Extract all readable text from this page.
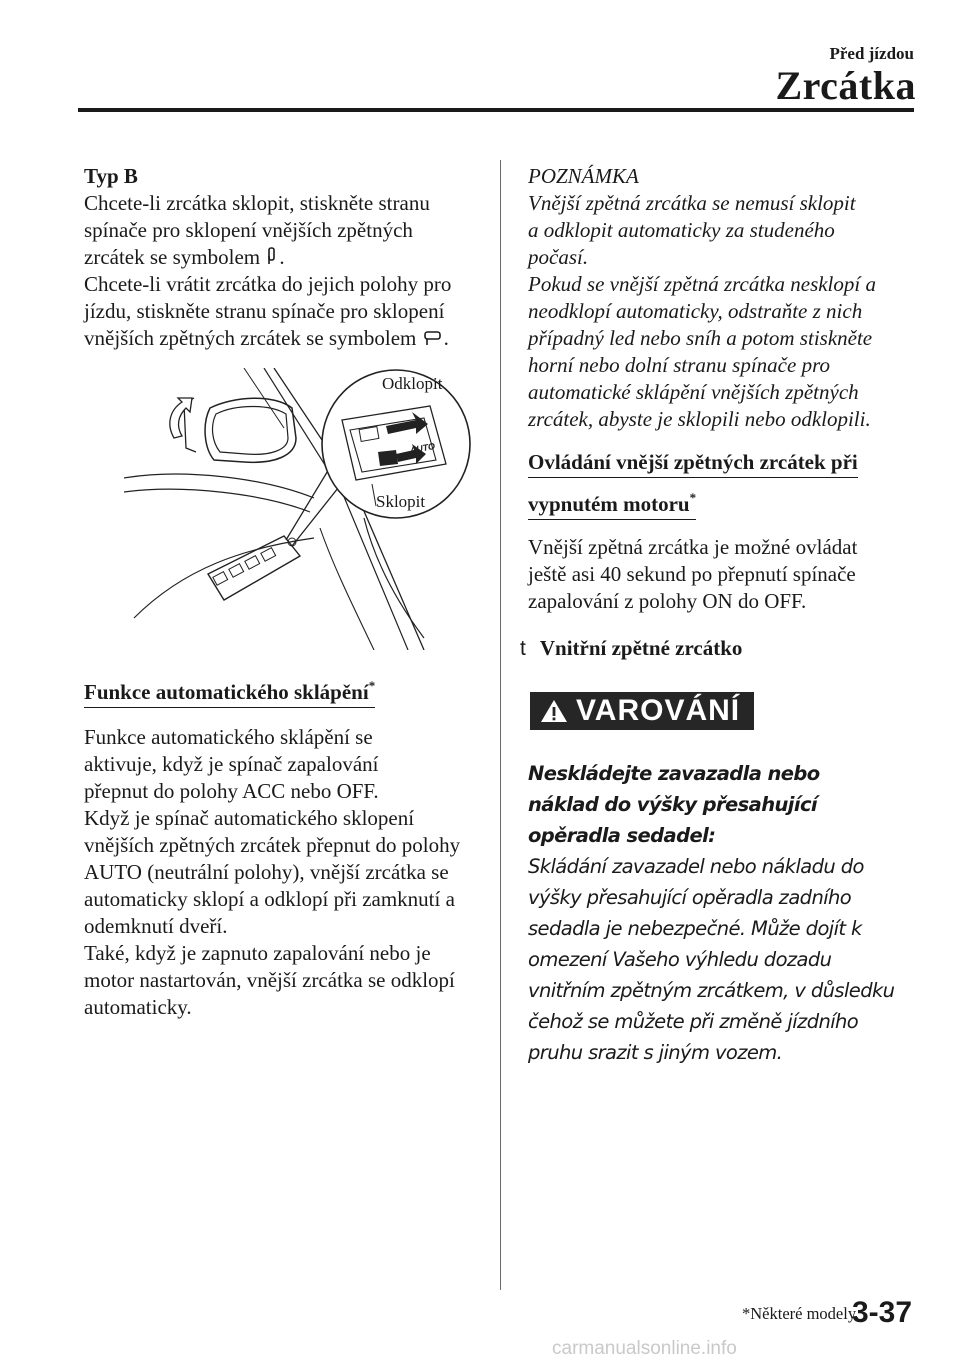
Před jízdou
Zrcátka

Typ B

Chcete-li zrcátka sklopit, stiskněte stranu spínače pro sklopení vnějších zpětných zrcátek se symbolem .

Chcete-li vrátit zrcátka do jejich polohy pro jízdu, stiskněte stranu spínače pro sklopení vnějších zpětných zrcátek se symbolem .

AUTO
Odklopit
Sklopit
Funkce automatického sklápění*

Funkce automatického sklápění se aktivuje, když je spínač zapalování přepnut do polohy ACC nebo OFF.

Když je spínač automatického sklopení vnějších zpětných zrcátek přepnut do polohy AUTO (neutrální polohy), vnější zrcátka se automaticky sklopí a odklopí při zamknutí a odemknutí dveří.

Také, když je zapnuto zapalování nebo je motor nastartován, vnější zrcátka se odklopí automaticky.

POZNÁMKA

Vnější zpětná zrcátka se nemusí sklopit a odklopit automaticky za studeného počasí.

Pokud se vnější zpětná zrcátka nesklopí a neodklopí automaticky, odstraňte z nich případný led nebo sníh a potom stiskněte horní nebo dolní stranu spínače pro automatické sklápění vnějších zpětných zrcátek, abyste je sklopili nebo odklopili.

Ovládání vnější zpětných zrcátek při
vypnutém motoru*

Vnější zpětná zrcátka je možné ovládat ještě asi 40 sekund po přepnutí spínače zapalování z polohy ON do OFF.

t Vnitřní zpětné zrcátko
VAROVÁNÍ

Neskládejte zavazadla nebo náklad do výšky přesahující opěradla sedadel:

Skládání zavazadel nebo nákladu do výšky přesahující opěradla zadního sedadla je nebezpečné. Může dojít k omezení Vašeho výhledu dozadu vnitřním zpětným zrcátkem, v důsledku čehož se můžete při změně jízdního pruhu srazit s jiným vozem.

*Některé modely.
3-37
carmanualsonline.info
